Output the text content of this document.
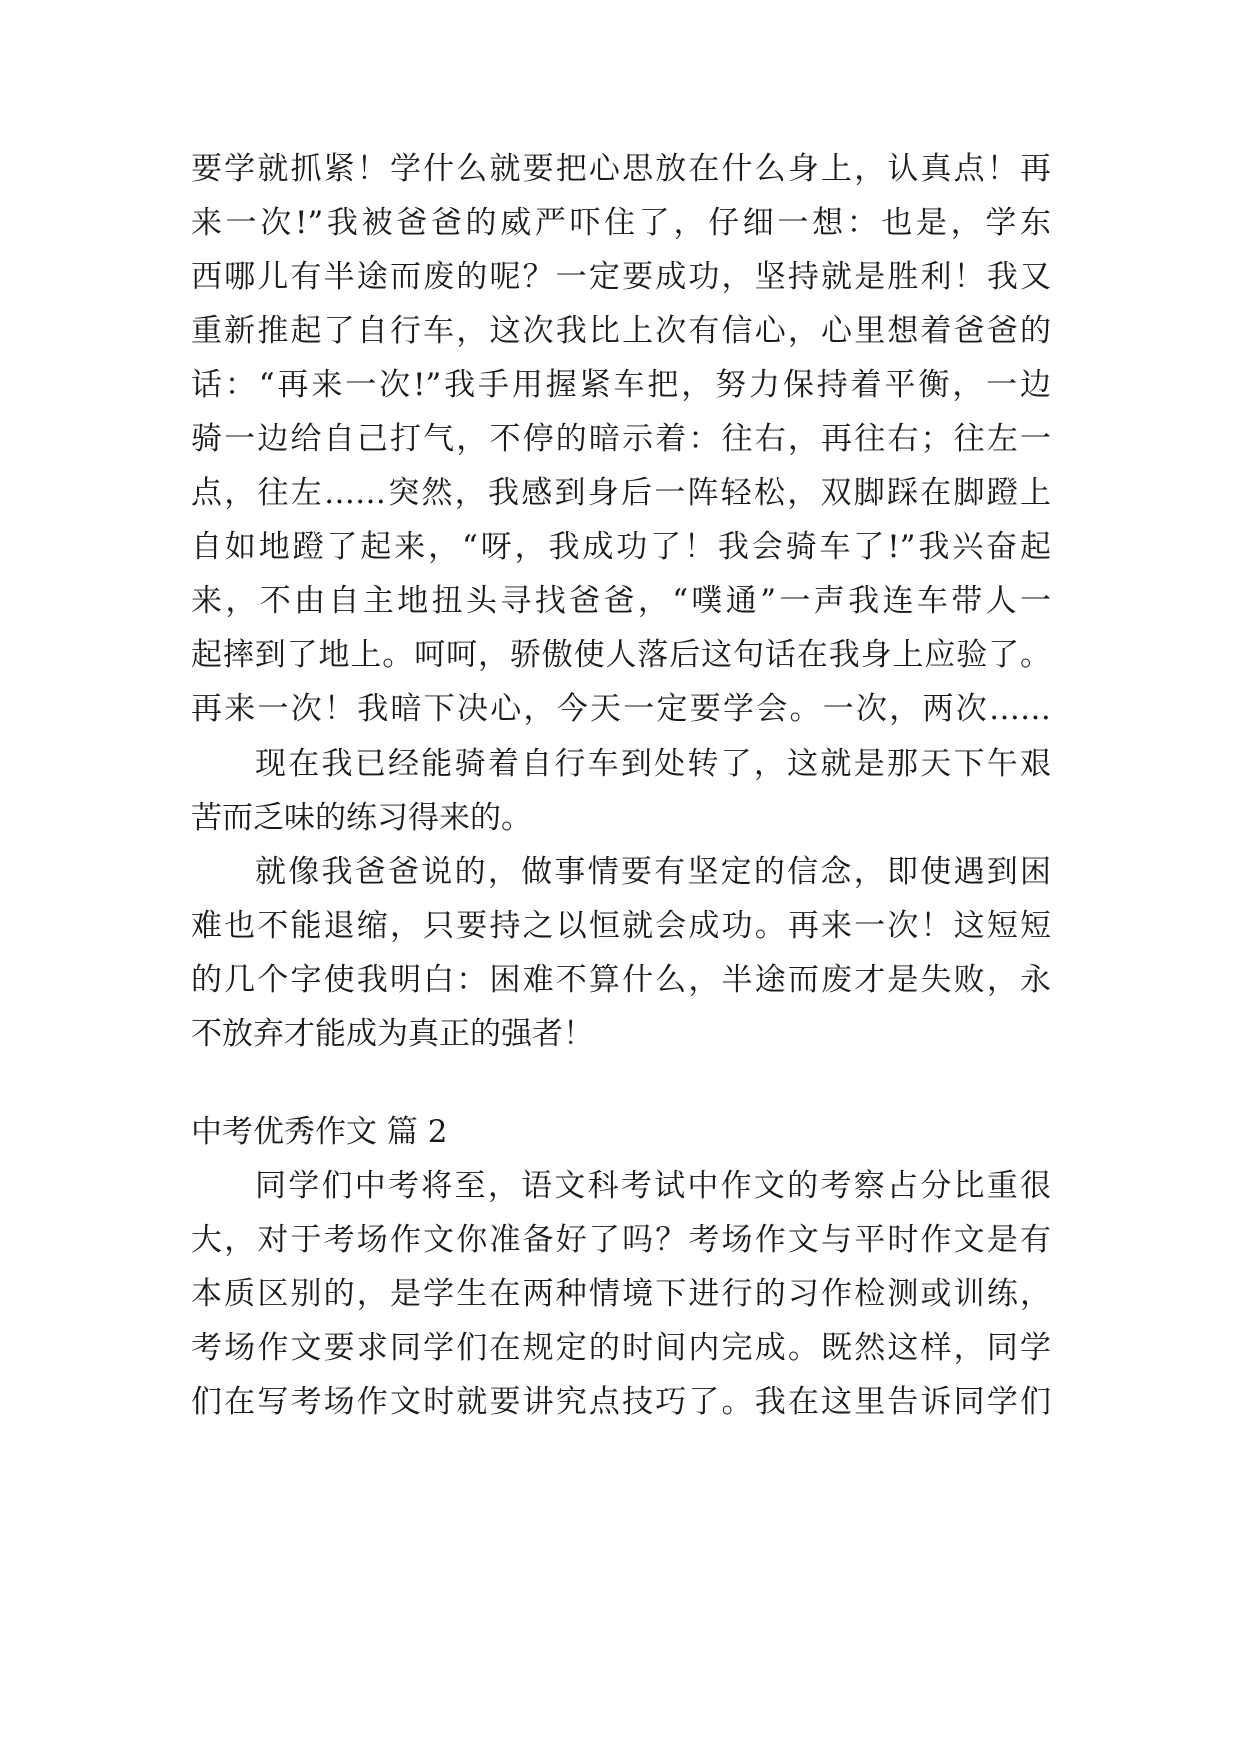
要学就抓紧！学什么就要把心思放在什么身上，认真点！再
来一次!”我被爸爸的威严吓住了，仔细一想：也是，学东
西哪儿有半途而废的呢？一定要成功，坚持就是胜利！我又
重新推起了自行车，这次我比上次有信心，心里想着爸爸的
话：“再来一次!”我手用握紧车把，努力保持着平衡，一边
骑一边给自己打气，不停的暗示着：往右，再往右；往左一
点，往左……突然，我感到身后一阵轻松，双脚踩在脚蹬上
自如地蹬了起来，“呀，我成功了！我会骑车了!”我兴奋起
来，不由自主地扭头寻找爸爸，“噗通”一声我连车带人一
起摔到了地上。呵呵，骄傲使人落后这句话在我身上应验了。
再来一次！我暗下决心，今天一定要学会。一次，两次……
现在我已经能骑着自行车到处转了，这就是那天下午艰
苦而乏味的练习得来的。
就像我爸爸说的，做事情要有坚定的信念，即使遇到困
难也不能退缩，只要持之以恒就会成功。再来一次！这短短
的几个字使我明白：困难不算什么，半途而废才是失败，永
不放弃才能成为真正的强者！
中考优秀作文 篇 2
同学们中考将至，语文科考试中作文的考察占分比重很
大，对于考场作文你准备好了吗？考场作文与平时作文是有
本质区别的，是学生在两种情境下进行的习作检测或训练，
考场作文要求同学们在规定的时间内完成。既然这样，同学
们在写考场作文时就要讲究点技巧了。我在这里告诉同学们
